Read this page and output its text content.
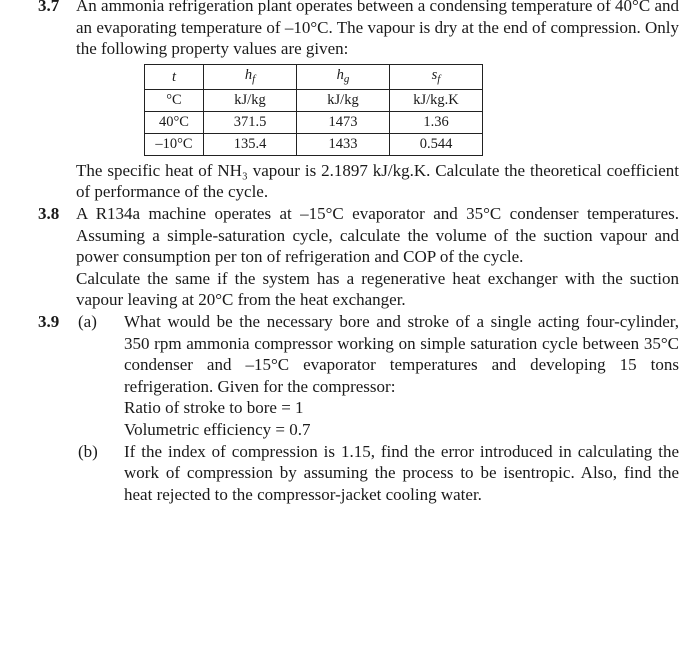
3.7 An ammonia refrigeration plant operates between a condensing temperature of 40°C and an evaporating temperature of –10°C. The vapour is dry at the end of compression. Only the following property values are given:

t	$h_f$	$h_g$	$s_f$
°C	kJ/kg	kJ/kg	kJ/kg.K
40°C	371.5	1473	1.36
–10°C	135.4	1433	0.544

The specific heat of NH₃ vapour is 2.1897 kJ/kg.K. Calculate the theoretical coefficient of performance of the cycle.

3.8 A R134a machine operates at –15°C evaporator and 35°C condenser temperatures. Assuming a simple-saturation cycle, calculate the volume of the suction vapour and power consumption per ton of refrigeration and COP of the cycle.

Calculate the same if the system has a regenerative heat exchanger with the suction vapour leaving at 20°C from the heat exchanger.

3.9 (a) What would be the necessary bore and stroke of a single acting four-cylinder, 350 rpm ammonia compressor working on simple saturation cycle between 35°C condenser and –15°C evaporator temperatures and developing 15 tons refrigeration. Given for the compressor:

Ratio of stroke to bore = 1

Volumetric efficiency = 0.7

(b) If the index of compression is 1.15, find the error introduced in calculating the work of compression by assuming the process to be isentropic. Also, find the heat rejected to the compressor-jacket cooling water.
